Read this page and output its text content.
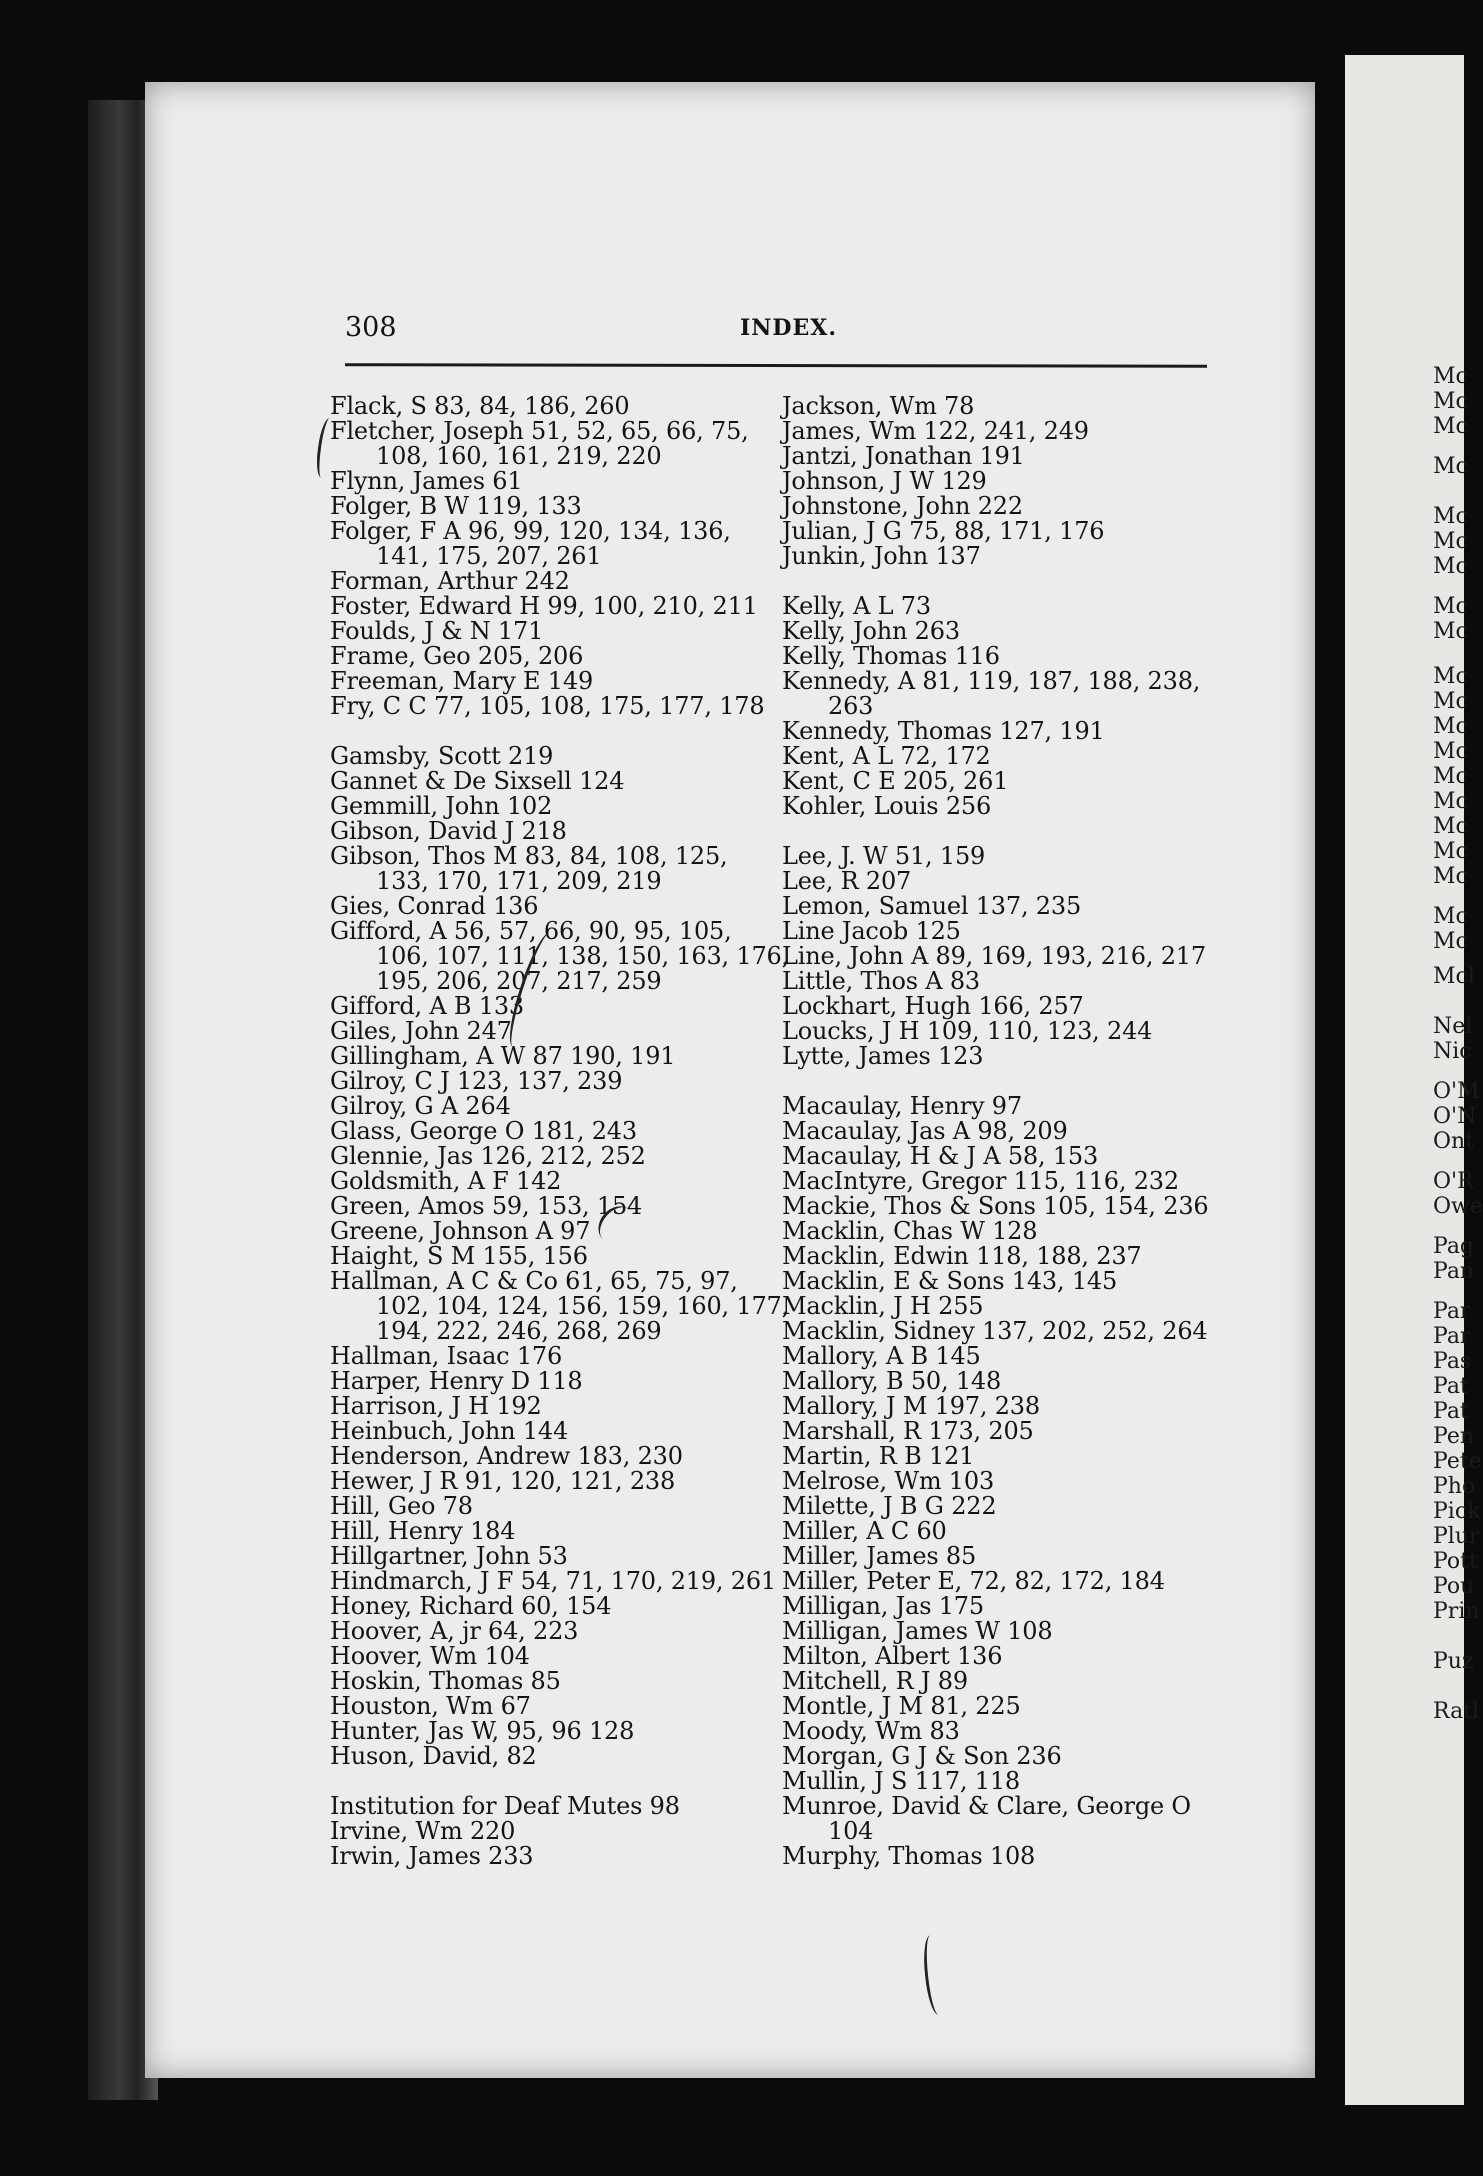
Mc
Mc
Mc
Mc
Mc
Mc
Mc
Mc
Mc
Mc
Mc
Mc
Mc
Mc
Mc
Mc
Mc
Mc
Mc
Mc
Mcl
Nel
Nic
O'M
O'N
Ont
O'R
Owe
Pag
Pan
Par
Par
Pas
Pat
Pat
Pen
Pete
Pho
Pick
Plur
Pott
Pou
Prin
Puz
Ratl
308	INDEX.
Flack, S 83, 84, 186, 260
Fletcher, Joseph 51, 52, 65, 66, 75,
108, 160, 161, 219, 220
Flynn, James 61
Folger, B W 119, 133
Folger, F A 96, 99, 120, 134, 136,
141, 175, 207, 261
Forman, Arthur 242
Foster, Edward H 99, 100, 210, 211
Foulds, J & N 171
Frame, Geo 205, 206
Freeman, Mary E 149
Fry, C C 77, 105, 108, 175, 177, 178
Gamsby, Scott 219
Gannet & De Sixsell 124
Gemmill, John 102
Gibson, David J 218
Gibson, Thos M 83, 84, 108, 125,
133, 170, 171, 209, 219
Gies, Conrad 136
Gifford, A 56, 57, 66, 90, 95, 105,
106, 107, 111, 138, 150, 163, 176,
195, 206, 207, 217, 259
Gifford, A B 133
Giles, John 247
Gillingham, A W 87 190, 191
Gilroy, C J 123, 137, 239
Gilroy, G A 264
Glass, George O 181, 243
Glennie, Jas 126, 212, 252
Goldsmith, A F 142
Green, Amos 59, 153, 154
Greene, Johnson A 97
Haight, S M 155, 156
Hallman, A C & Co 61, 65, 75, 97,
102, 104, 124, 156, 159, 160, 177,
194, 222, 246, 268, 269
Hallman, Isaac 176
Harper, Henry D 118
Harrison, J H 192
Heinbuch, John 144
Henderson, Andrew 183, 230
Hewer, J R 91, 120, 121, 238
Hill, Geo 78
Hill, Henry 184
Hillgartner, John 53
Hindmarch, J F 54, 71, 170, 219, 261
Honey, Richard 60, 154
Hoover, A, jr 64, 223
Hoover, Wm 104
Hoskin, Thomas 85
Houston, Wm 67
Hunter, Jas W, 95, 96 128
Huson, David, 82
Institution for Deaf Mutes 98
Irvine, Wm 220
Irwin, James 233
Jackson, Wm 78
James, Wm 122, 241, 249
Jantzi, Jonathan 191
Johnson, J W 129
Johnstone, John 222
Julian, J G 75, 88, 171, 176
Junkin, John 137
Kelly, A L 73
Kelly, John 263
Kelly, Thomas 116
Kennedy, A 81, 119, 187, 188, 238,
263
Kennedy, Thomas 127, 191
Kent, A L 72, 172
Kent, C E 205, 261
Kohler, Louis 256
Lee, J. W 51, 159
Lee, R 207
Lemon, Samuel 137, 235
Line Jacob 125
Line, John A 89, 169, 193, 216, 217
Little, Thos A 83
Lockhart, Hugh 166, 257
Loucks, J H 109, 110, 123, 244
Lytte, James 123
Macaulay, Henry 97
Macaulay, Jas A 98, 209
Macaulay, H & J A 58, 153
MacIntyre, Gregor 115, 116, 232
Mackie, Thos & Sons 105, 154, 236
Macklin, Chas W 128
Macklin, Edwin 118, 188, 237
Macklin, E & Sons 143, 145
Macklin, J H 255
Macklin, Sidney 137, 202, 252, 264
Mallory, A B 145
Mallory, B 50, 148
Mallory, J M 197, 238
Marshall, R 173, 205
Martin, R B 121
Melrose, Wm 103
Milette, J B G 222
Miller, A C 60
Miller, James 85
Miller, Peter E, 72, 82, 172, 184
Milligan, Jas 175
Milligan, James W 108
Milton, Albert 136
Mitchell, R J 89
Montle, J M 81, 225
Moody, Wm 83
Morgan, G J & Son 236
Mullin, J S 117, 118
Munroe, David & Clare, George O
104
Murphy, Thomas 108
